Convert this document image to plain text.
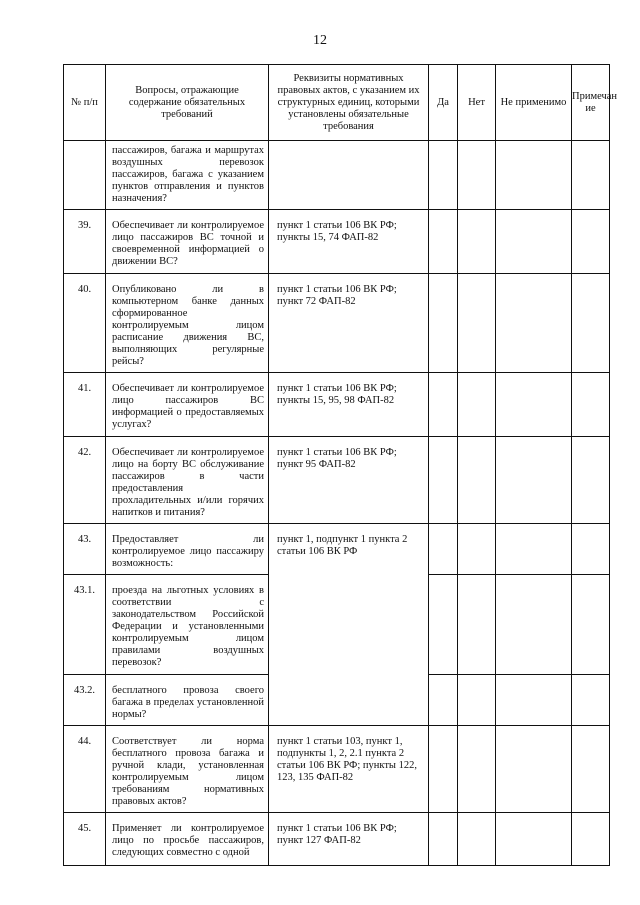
12
№ п/п	Вопросы, отражающие содержание обязательных требований	Реквизиты нормативных правовых актов, с указанием их структурных единиц, которыми установлены обязательные требования	Да	Нет	Не применимо	Примечан ие
	пассажиров, багажа и маршрутах воздушных перевозок пассажиров, багажа с указанием пунктов отправления и пунктов назначения?					
39.	Обеспечивает ли контролируемое лицо пассажиров ВС точной и своевременной информацией о движении ВС?	пункт 1 статьи 106 ВК РФ; пункты 15, 74 ФАП-82				
40.	Опубликовано ли в компьютерном банке данных сформированное контролируемым лицом расписание движения ВС, выполняющих регулярные рейсы?	пункт 1 статьи 106 ВК РФ; пункт 72 ФАП-82				
41.	Обеспечивает ли контролируемое лицо пассажиров ВС информацией о предоставляемых услугах?	пункт 1 статьи 106 ВК РФ; пункты 15, 95, 98 ФАП-82				
42.	Обеспечивает ли контролируемое лицо на борту ВС обслуживание пассажиров в части предоставления прохладительных и/или горячих напитков и питания?	пункт 1 статьи 106 ВК РФ; пункт 95 ФАП-82				
43.	Предоставляет ли контролируемое лицо пассажиру возможность:	пункт 1, подпункт 1 пункта 2 статьи 106 ВК РФ				
43.1.	проезда на льготных условиях в соответствии с законодательством Российской Федерации и установленными контролируемым лицом правилами воздушных перевозок?					
43.2.	бесплатного провоза своего багажа в пределах установленной нормы?					
44.	Соответствует ли норма бесплатного провоза багажа и ручной клади, установленная контролируемым лицом требованиям нормативных правовых актов?	пункт 1 статьи 103, пункт 1, подпункты 1, 2, 2.1 пункта 2 статьи 106 ВК РФ; пункты 122, 123, 135 ФАП-82				
45.	Применяет ли контролируемое лицо по просьбе пассажиров, следующих совместно с одной	пункт 1 статьи 106 ВК РФ; пункт 127 ФАП-82				
